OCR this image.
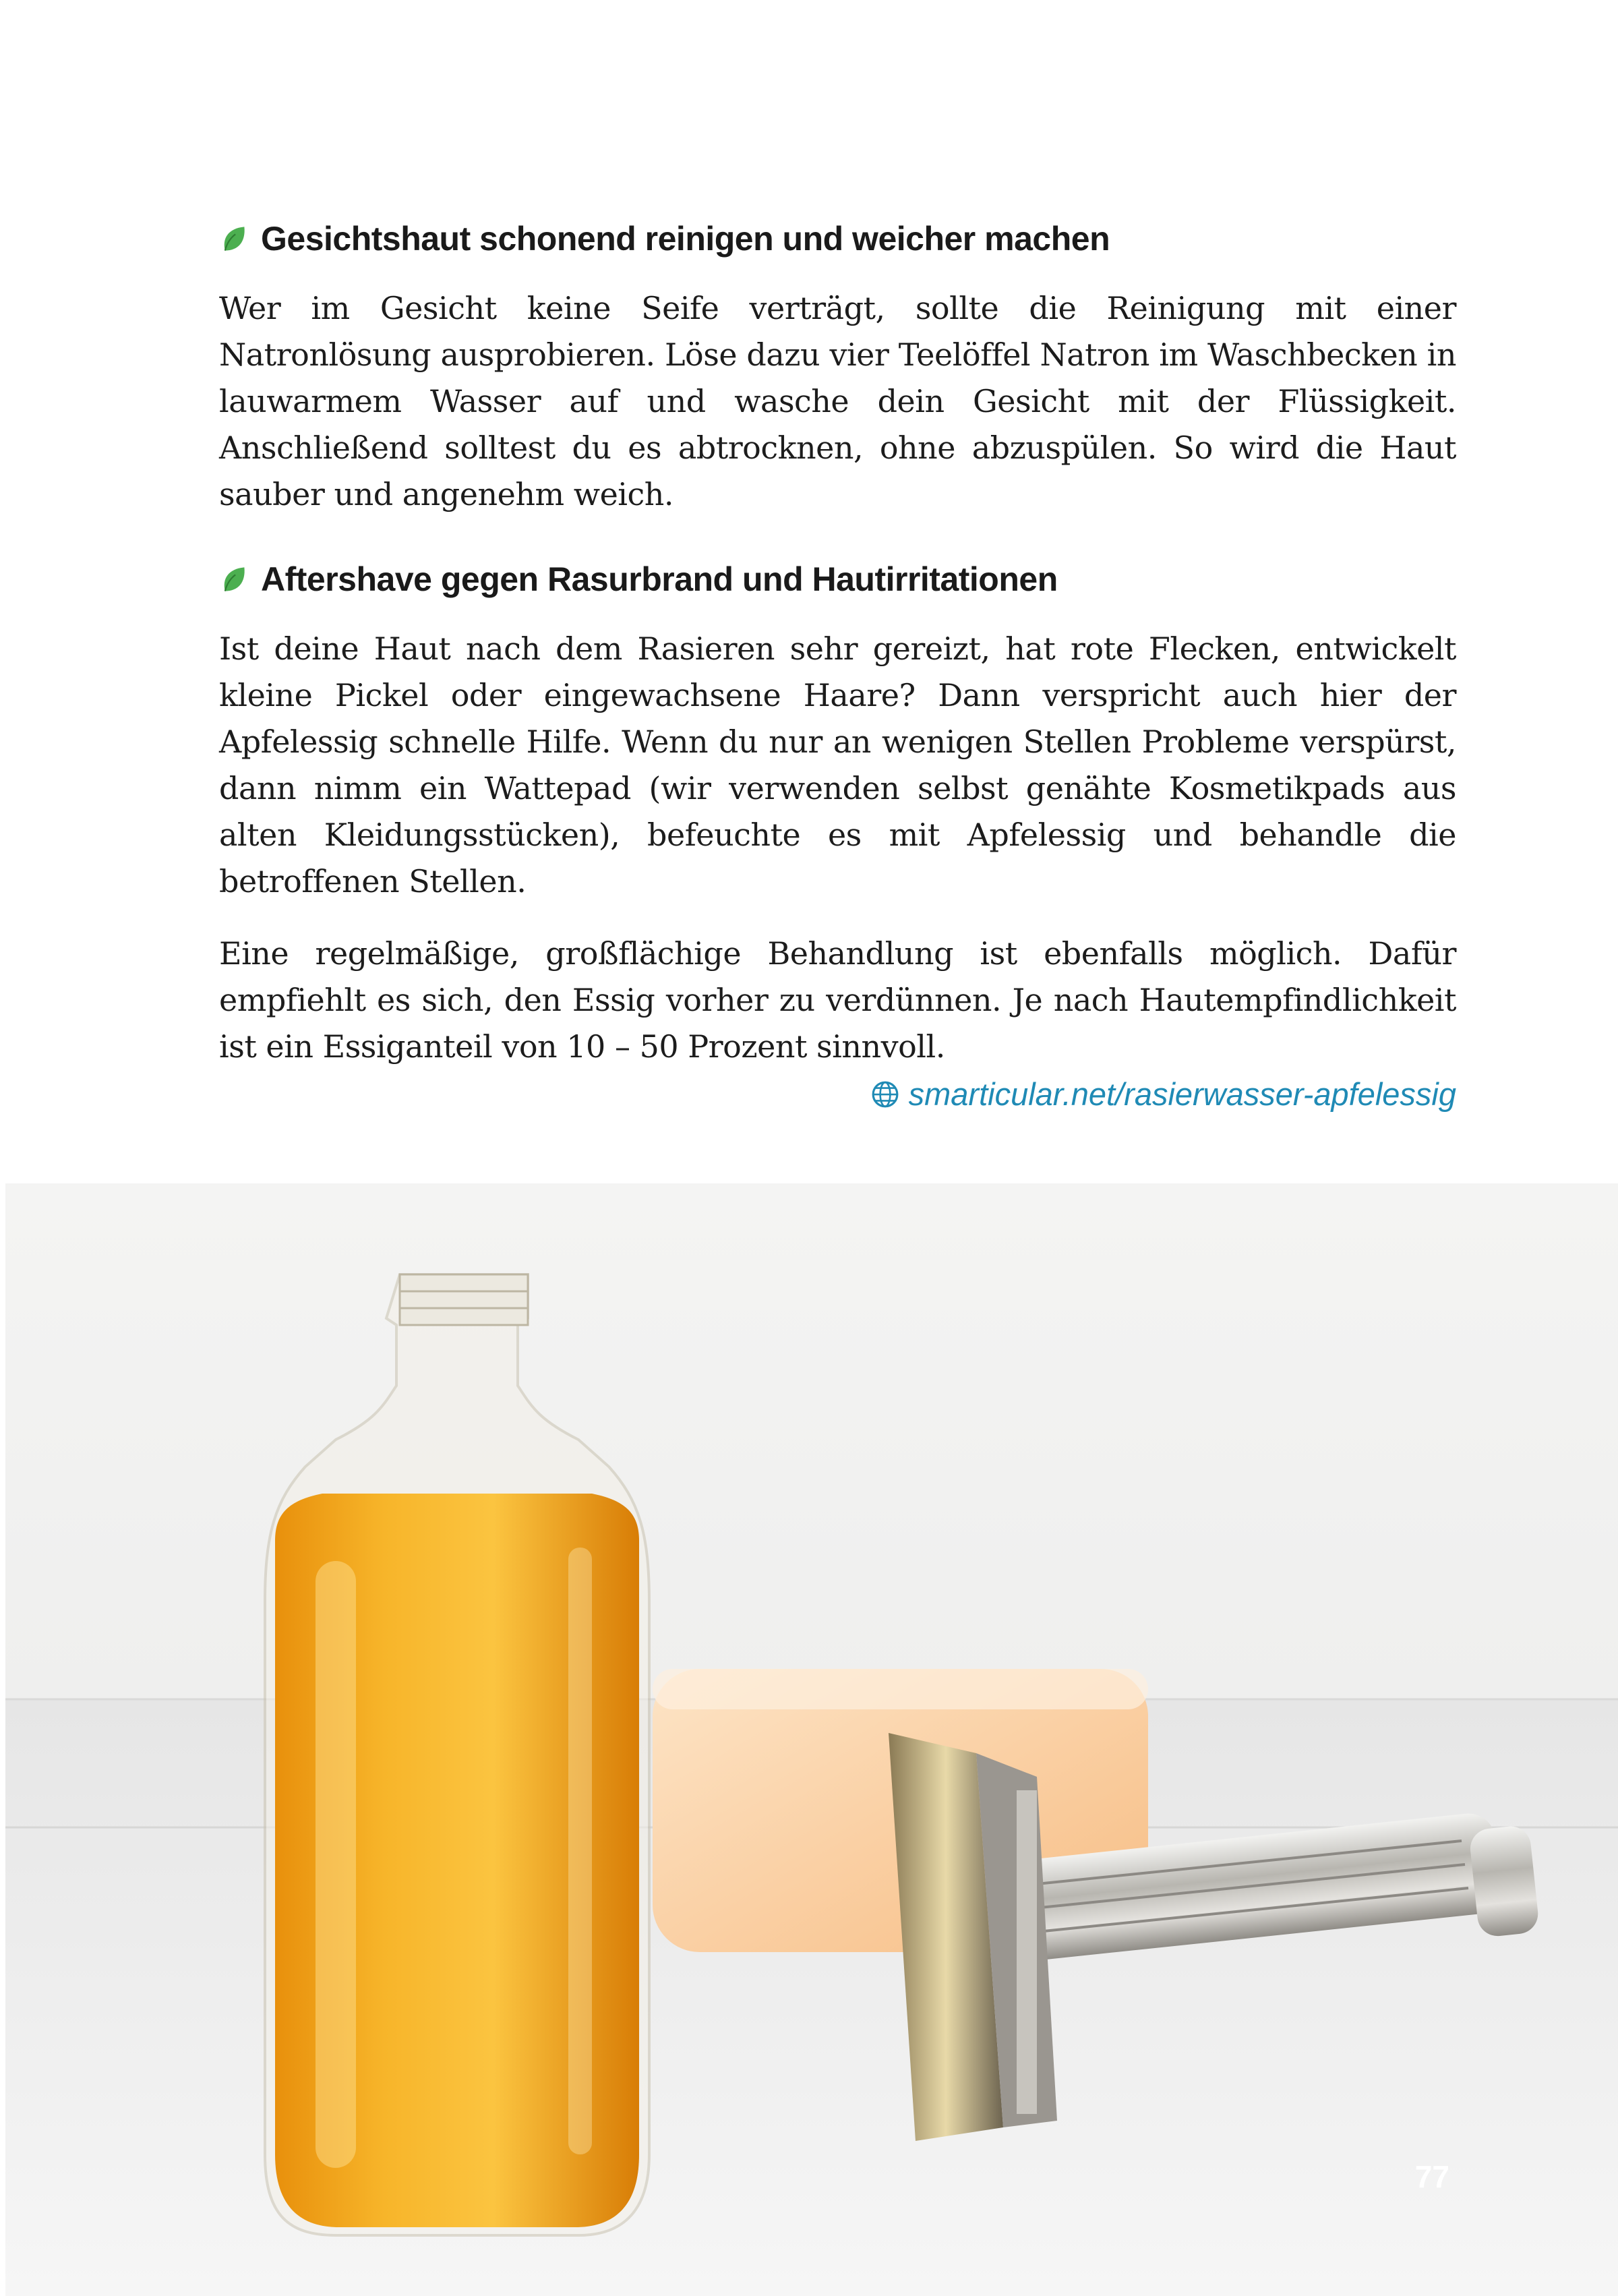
Gesichtshaut schonend reinigen und weicher machen

Wer im Gesicht keine Seife verträgt, sollte die Reinigung mit einer Natronlösung ausprobieren. Löse dazu vier Teelöffel Natron im Waschbecken in lauwarmem Wasser auf und wasche dein Gesicht mit der Flüssigkeit. Anschließend solltest du es abtrocknen, ohne abzuspülen. So wird die Haut sauber und angenehm weich.

Aftershave gegen Rasurbrand und Hautirritationen

Ist deine Haut nach dem Rasieren sehr gereizt, hat rote Flecken, entwickelt kleine Pickel oder eingewachsene Haare? Dann verspricht auch hier der Apfelessig schnelle Hilfe. Wenn du nur an wenigen Stellen Probleme verspürst, dann nimm ein Wattepad (wir verwenden selbst genähte Kosmetikpads aus alten Kleidungsstücken), befeuchte es mit Apfelessig und behandle die betroffenen Stellen.

Eine regelmäßige, großflächige Behandlung ist ebenfalls möglich. Dafür empfiehlt es sich, den Essig vorher zu verdünnen. Je nach Hautempfindlichkeit ist ein Essiganteil von 10 – 50 Prozent sinnvoll.

smarticular.net/rasierwasser-apfelessig
77
